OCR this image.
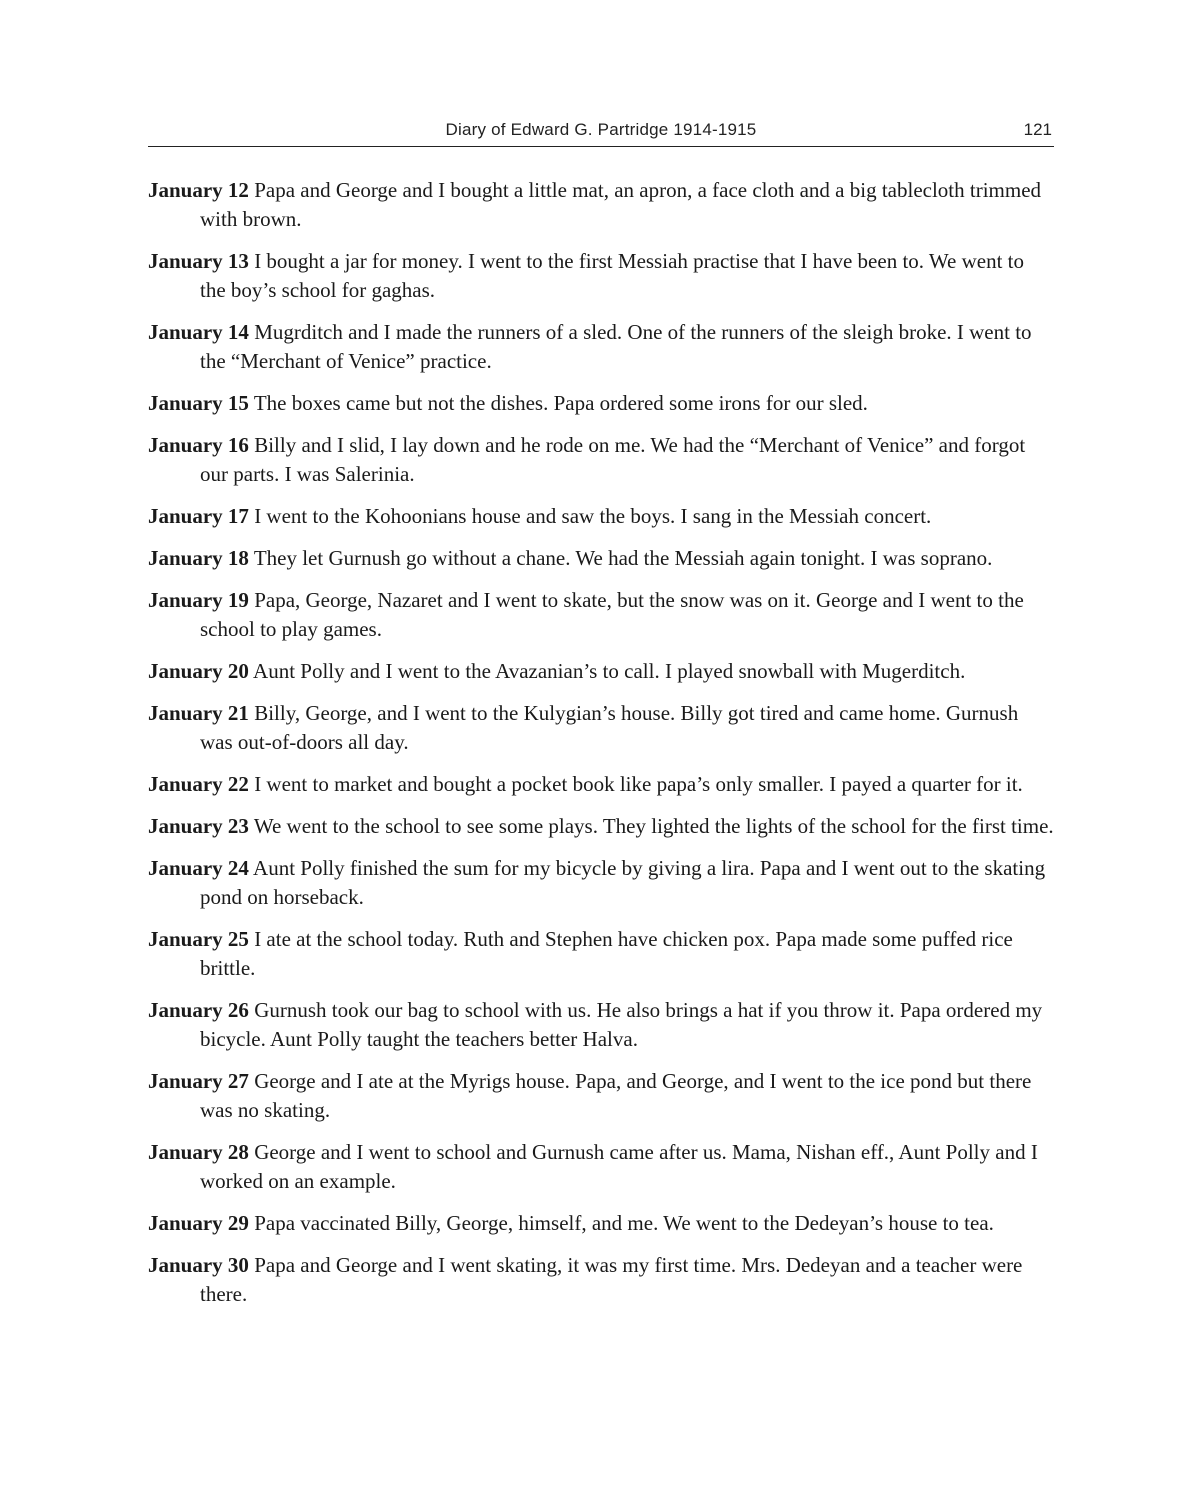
Diary of Edward G. Partridge 1914-1915	121

January 12 Papa and George and I bought a little mat, an apron, a face cloth and a big tablecloth trimmed with brown.

January 13 I bought a jar for money. I went to the first Messiah practise that I have been to. We went to the boy’s school for gaghas.

January 14 Mugrditch and I made the runners of a sled. One of the runners of the sleigh broke. I went to the “Merchant of Venice” practice.

January 15 The boxes came but not the dishes. Papa ordered some irons for our sled.

January 16 Billy and I slid, I lay down and he rode on me. We had the “Merchant of Venice” and forgot our parts. I was Salerinia.

January 17 I went to the Kohoonians house and saw the boys. I sang in the Messiah concert.

January 18 They let Gurnush go without a chane. We had the Messiah again tonight. I was soprano.

January 19 Papa, George, Nazaret and I went to skate, but the snow was on it. George and I went to the school to play games.

January 20 Aunt Polly and I went to the Avazanian’s to call. I played snowball with Mugerditch.

January 21 Billy, George, and I went to the Kulygian’s house. Billy got tired and came home. Gurnush was out-of-doors all day.

January 22 I went to market and bought a pocket book like papa’s only smaller. I payed a quarter for it.

January 23 We went to the school to see some plays. They lighted the lights of the school for the first time.

January 24 Aunt Polly finished the sum for my bicycle by giving a lira. Papa and I went out to the skating pond on horseback.

January 25 I ate at the school today. Ruth and Stephen have chicken pox. Papa made some puffed rice brittle.

January 26 Gurnush took our bag to school with us. He also brings a hat if you throw it. Papa ordered my bicycle. Aunt Polly taught the teachers better Halva.

January 27 George and I ate at the Myrigs house. Papa, and George, and I went to the ice pond but there was no skating.

January 28 George and I went to school and Gurnush came after us. Mama, Nishan eff., Aunt Polly and I worked on an example.

January 29 Papa vaccinated Billy, George, himself, and me. We went to the Dedeyan’s house to tea.

January 30 Papa and George and I went skating, it was my first time. Mrs. Dedeyan and a teacher were there.
